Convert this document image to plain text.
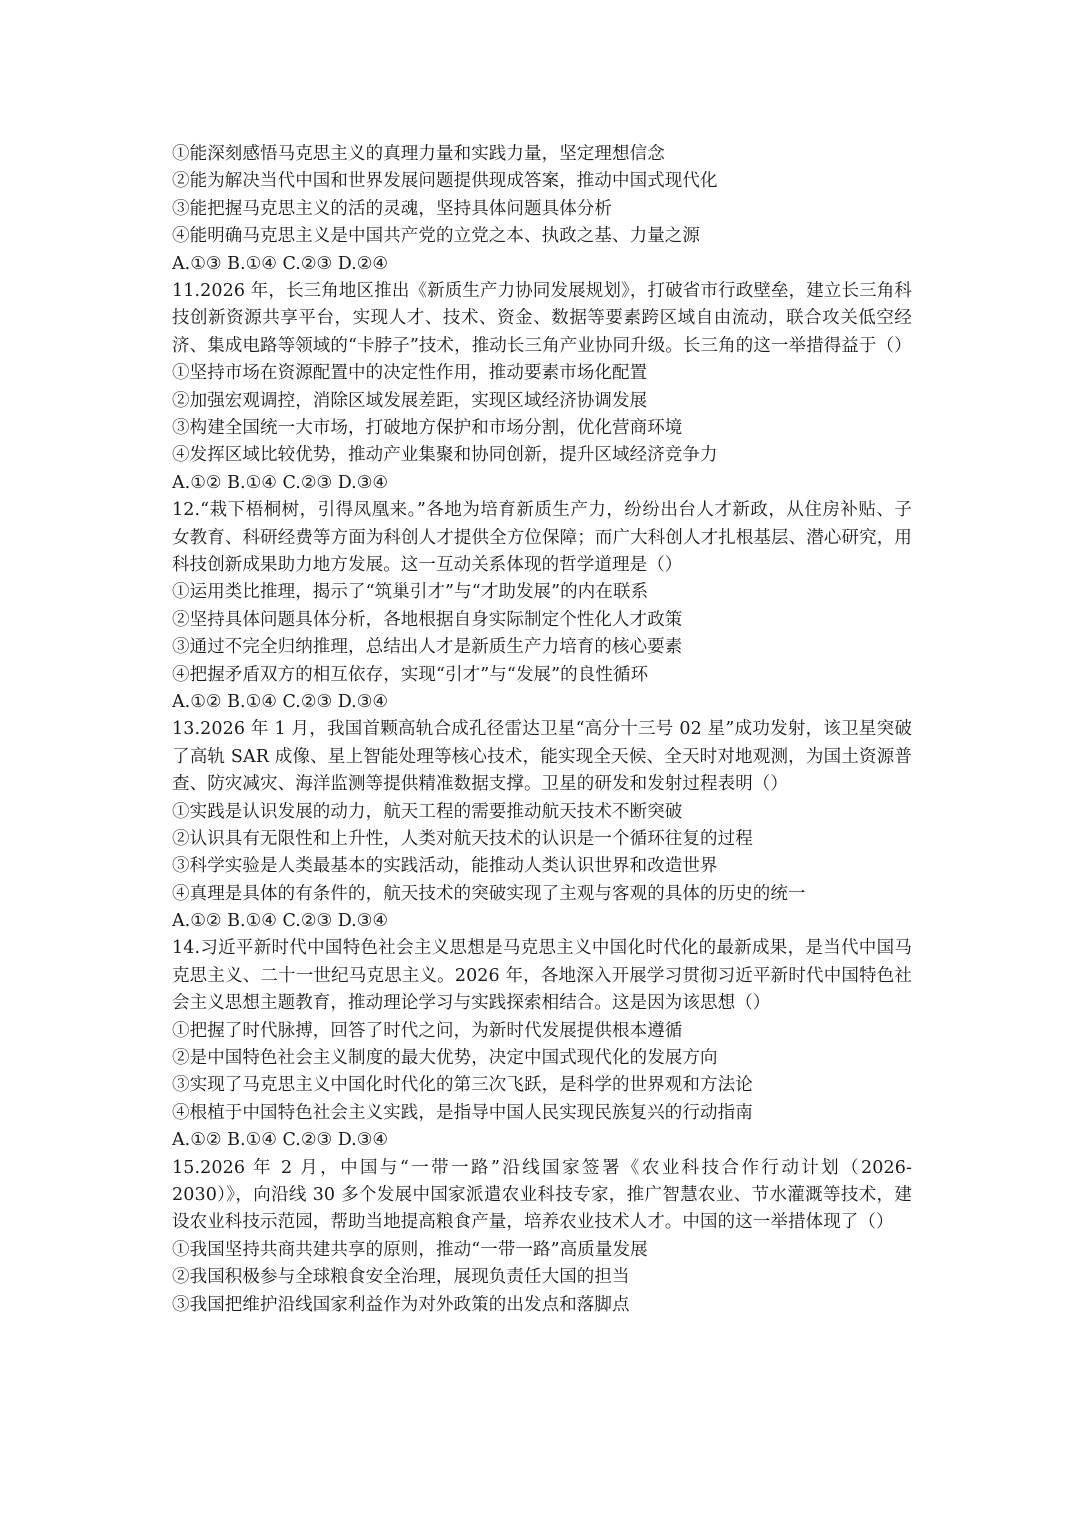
①能深刻感悟马克思主义的真理力量和实践力量，坚定理想信念
②能为解决当代中国和世界发展问题提供现成答案，推动中国式现代化
③能把握马克思主义的活的灵魂，坚持具体问题具体分析
④能明确马克思主义是中国共产党的立党之本、执政之基、力量之源
A.①③ B.①④ C.②③ D.②④
11.2026 年，长三角地区推出《新质生产力协同发展规划》，打破省市行政壁垒，建立长三角科技创新资源共享平台，实现人才、技术、资金、数据等要素跨区域自由流动，联合攻关低空经济、集成电路等领域的“卡脖子”技术，推动长三角产业协同升级。长三角的这一举措得益于（）
①坚持市场在资源配置中的决定性作用，推动要素市场化配置
②加强宏观调控，消除区域发展差距，实现区域经济协调发展
③构建全国统一大市场，打破地方保护和市场分割，优化营商环境
④发挥区域比较优势，推动产业集聚和协同创新，提升区域经济竞争力
A.①② B.①④ C.②③ D.③④
12.“栽下梧桐树，引得凤凰来。”各地为培育新质生产力，纷纷出台人才新政，从住房补贴、子女教育、科研经费等方面为科创人才提供全方位保障；而广大科创人才扎根基层、潜心研究，用科技创新成果助力地方发展。这一互动关系体现的哲学道理是（）
①运用类比推理，揭示了“筑巢引才”与“才助发展”的内在联系
②坚持具体问题具体分析，各地根据自身实际制定个性化人才政策
③通过不完全归纳推理，总结出人才是新质生产力培育的核心要素
④把握矛盾双方的相互依存，实现“引才”与“发展”的良性循环
A.①② B.①④ C.②③ D.③④
13.2026 年 1 月，我国首颗高轨合成孔径雷达卫星“高分十三号 02 星”成功发射，该卫星突破了高轨 SAR 成像、星上智能处理等核心技术，能实现全天候、全天时对地观测，为国土资源普查、防灾减灾、海洋监测等提供精准数据支撑。卫星的研发和发射过程表明（）
①实践是认识发展的动力，航天工程的需要推动航天技术不断突破
②认识具有无限性和上升性，人类对航天技术的认识是一个循环往复的过程
③科学实验是人类最基本的实践活动，能推动人类认识世界和改造世界
④真理是具体的有条件的，航天技术的突破实现了主观与客观的具体的历史的统一
A.①② B.①④ C.②③ D.③④
14.习近平新时代中国特色社会主义思想是马克思主义中国化时代化的最新成果，是当代中国马克思主义、二十一世纪马克思主义。2026 年，各地深入开展学习贯彻习近平新时代中国特色社会主义思想主题教育，推动理论学习与实践探索相结合。这是因为该思想（）
①把握了时代脉搏，回答了时代之问，为新时代发展提供根本遵循
②是中国特色社会主义制度的最大优势，决定中国式现代化的发展方向
③实现了马克思主义中国化时代化的第三次飞跃，是科学的世界观和方法论
④根植于中国特色社会主义实践，是指导中国人民实现民族复兴的行动指南
A.①② B.①④ C.②③ D.③④
15.2026 年 2 月，中国与“一带一路”沿线国家签署《农业科技合作行动计划（2026-2030）》，向沿线 30 多个发展中国家派遣农业科技专家，推广智慧农业、节水灌溉等技术，建设农业科技示范园，帮助当地提高粮食产量，培养农业技术人才。中国的这一举措体现了（）
①我国坚持共商共建共享的原则，推动“一带一路”高质量发展
②我国积极参与全球粮食安全治理，展现负责任大国的担当
③我国把维护沿线国家利益作为对外政策的出发点和落脚点
